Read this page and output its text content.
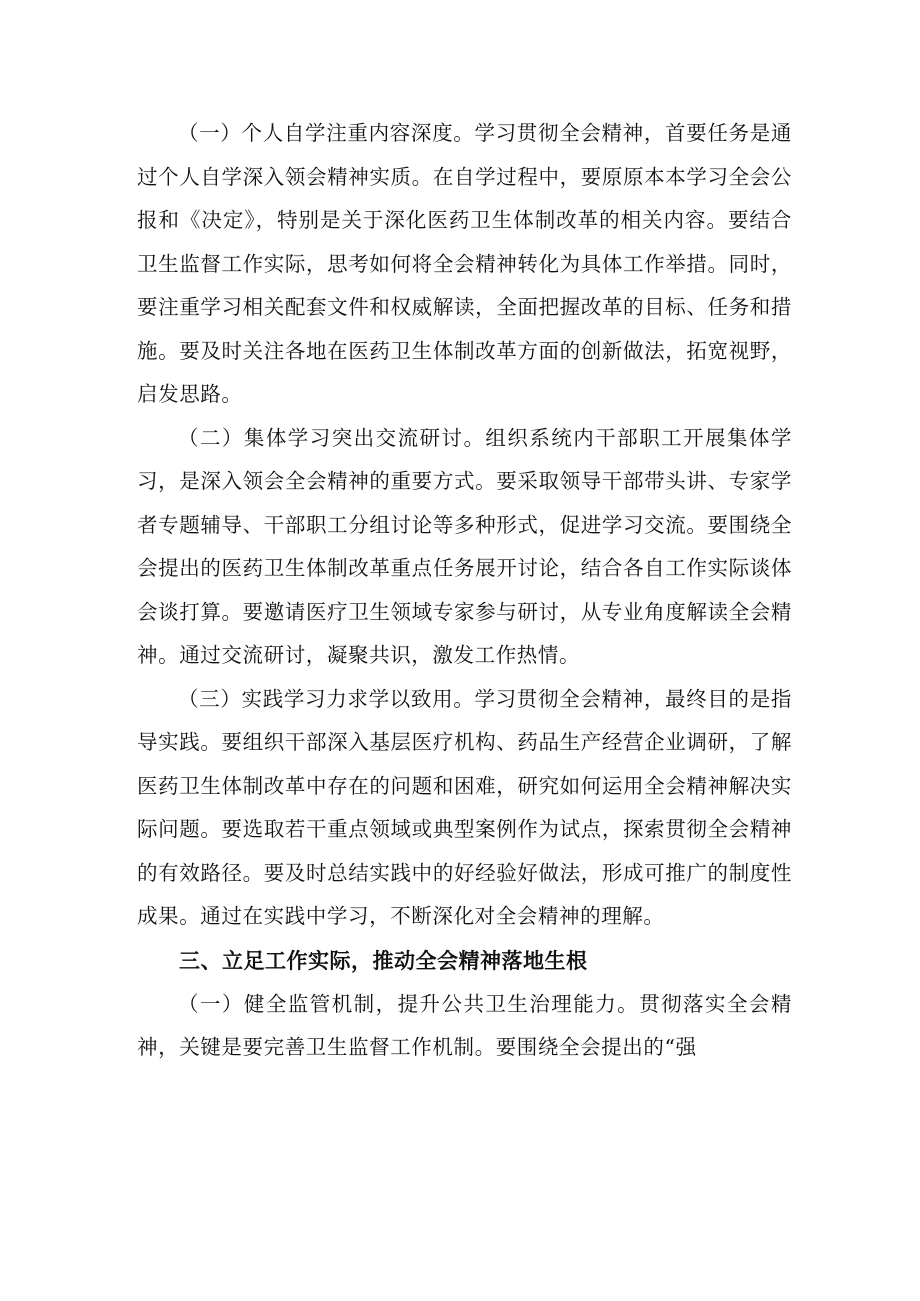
（一）个人自学注重内容深度。学习贯彻全会精神，首要任务是通过个人自学深入领会精神实质。在自学过程中，要原原本本学习全会公报和《决定》，特别是关于深化医药卫生体制改革的相关内容。要结合卫生监督工作实际，思考如何将全会精神转化为具体工作举措。同时，要注重学习相关配套文件和权威解读，全面把握改革的目标、任务和措施。要及时关注各地在医药卫生体制改革方面的创新做法，拓宽视野，启发思路。

（二）集体学习突出交流研讨。组织系统内干部职工开展集体学习，是深入领会全会精神的重要方式。要采取领导干部带头讲、专家学者专题辅导、干部职工分组讨论等多种形式，促进学习交流。要围绕全会提出的医药卫生体制改革重点任务展开讨论，结合各自工作实际谈体会谈打算。要邀请医疗卫生领域专家参与研讨，从专业角度解读全会精神。通过交流研讨，凝聚共识，激发工作热情。

（三）实践学习力求学以致用。学习贯彻全会精神，最终目的是指导实践。要组织干部深入基层医疗机构、药品生产经营企业调研，了解医药卫生体制改革中存在的问题和困难，研究如何运用全会精神解决实际问题。要选取若干重点领域或典型案例作为试点，探索贯彻全会精神的有效路径。要及时总结实践中的好经验好做法，形成可推广的制度性成果。通过在实践中学习，不断深化对全会精神的理解。

三、立足工作实际，推动全会精神落地生根

（一）健全监管机制，提升公共卫生治理能力。贯彻落实全会精神，关键是要完善卫生监督工作机制。要围绕全会提出的“强
